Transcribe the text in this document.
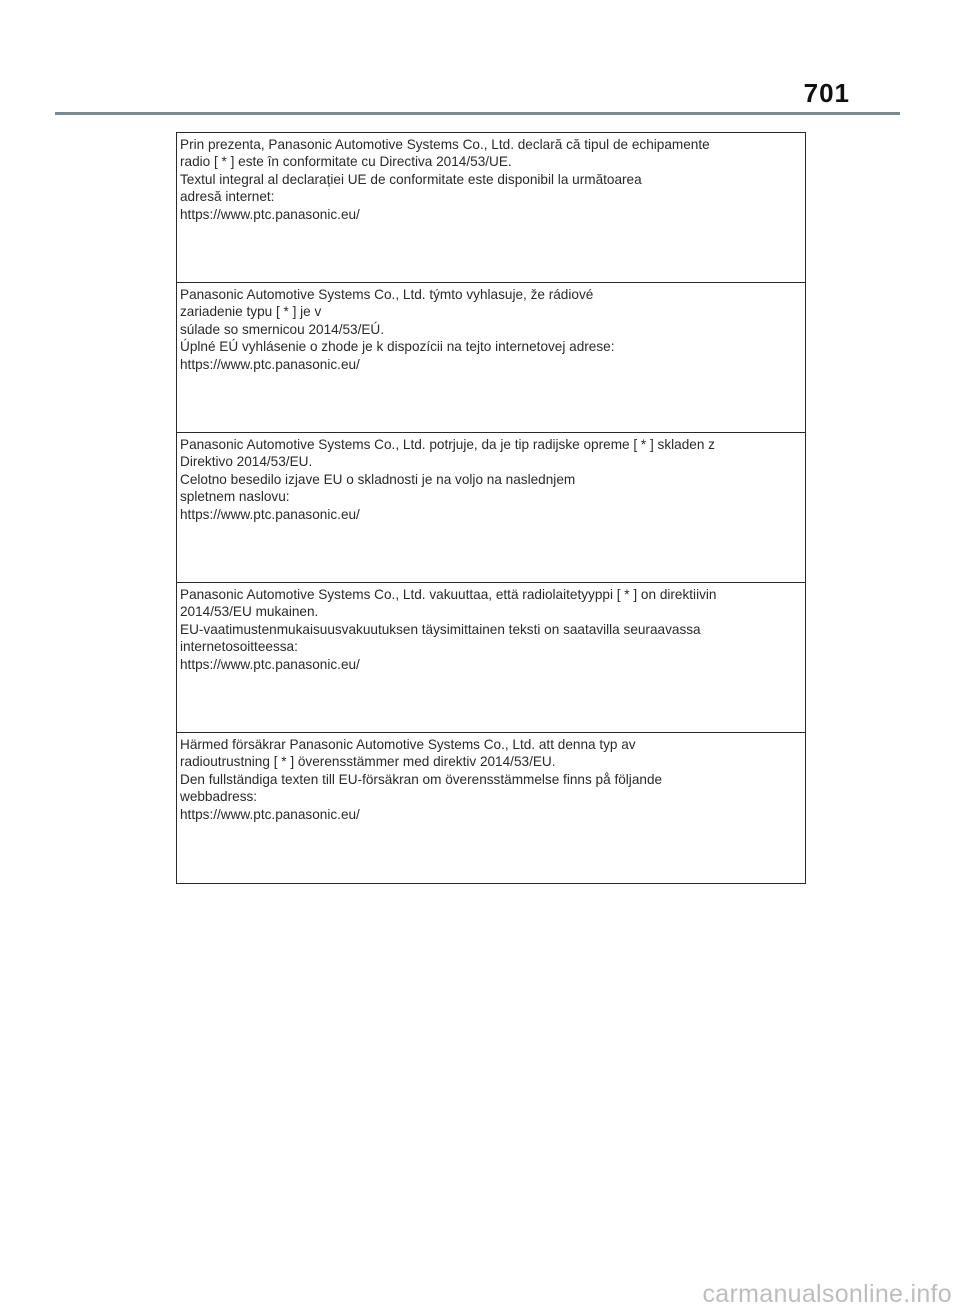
701
Prin prezenta, Panasonic Automotive Systems Co., Ltd. declară că tipul de echipamente
radio [ * ] este în conformitate cu Directiva 2014/53/UE.
Textul integral al declarației UE de conformitate este disponibil la următoarea
adresă internet:
https://www.ptc.panasonic.eu/
Panasonic Automotive Systems Co., Ltd. týmto vyhlasuje, že rádiové
zariadenie typu [ * ] je v
súlade so smernicou 2014/53/EÚ.
Úplné EÚ vyhlásenie o zhode je k dispozícii na tejto internetovej adrese:
https://www.ptc.panasonic.eu/
Panasonic Automotive Systems Co., Ltd. potrjuje, da je tip radijske opreme [ * ] skladen z
Direktivo 2014/53/EU.
Celotno besedilo izjave EU o skladnosti je na voljo na naslednjem
spletnem naslovu:
https://www.ptc.panasonic.eu/
Panasonic Automotive Systems Co., Ltd. vakuuttaa, että radiolaitetyyppi [ * ] on direktiivin
2014/53/EU mukainen.
EU-vaatimustenmukaisuusvakuutuksen täysimittainen teksti on saatavilla seuraavassa
internetosoitteessa:
https://www.ptc.panasonic.eu/
Härmed försäkrar Panasonic Automotive Systems Co., Ltd. att denna typ av
radioutrustning [ * ] överensstämmer med direktiv 2014/53/EU.
Den fullständiga texten till EU-försäkran om överensstämmelse finns på följande
webbadress:
https://www.ptc.panasonic.eu/
carmanualsonline.info
